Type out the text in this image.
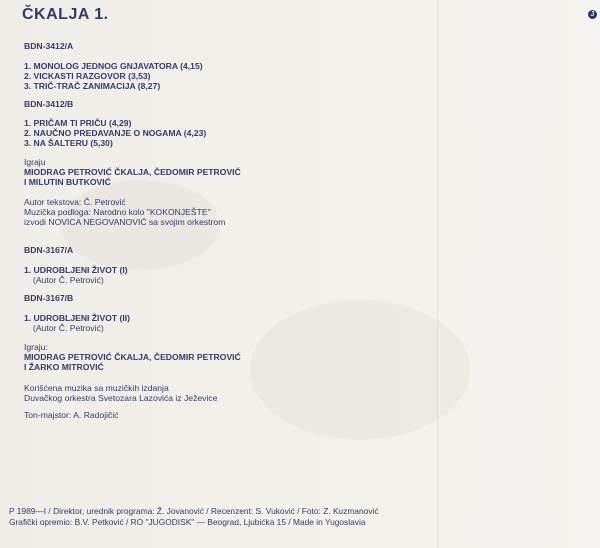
ČKALJA 1.	J
BDN-3412/A
1. MONOLOG JEDNOG GNJAVATORA (4,15)
2. VICKASTI RAZGOVOR (3,53)
3. TRIČ-TRAČ ZANIMACIJA (8,27)
BDN-3412/B
1. PRIČAM TI PRIČU (4,29)
2. NAUČNO PREDAVANJE O NOGAMA (4,23)
3. NA ŠALTERU (5,30)
Igraju
MIODRAG PETROVIĆ ČKALJA, ČEDOMIR PETROVIĆ
I MILUTIN BUTKOVIĆ
Autor tekstova: Č. Petrović
Muzička podloga: Narodno kolo "KOKONJEŠTE"
izvodi NOVICA NEGOVANOVIĆ sa svojim orkestrom
BDN-3167/A
1. UDROBLJENI ŽIVOT (I)
(Autor Č. Petrović)
BDN-3167/B
1. UDROBLJENI ŽIVOT (II)
(Autor Č. Petrović)
Igraju:
MIODRAG PETROVIĆ ČKALJA, ČEDOMIR PETROVIĆ
I ŽARKO MITROVIĆ
Korišćena muzika sa muzičkih izdanja
Duvačkog orkestra Svetozara Lazovića iz Ježevice
Ton-majstor: A. Radojičić
P 1989—I / Direktor, urednik programa: Ž. Jovanović / Recenzent: S. Vuković / Foto: Z. Kuzmanović
Grafički opremio: B.V. Petković / RO "JUGODISK" — Beograd, Ljubićka 15 / Made in Yugoslavia
